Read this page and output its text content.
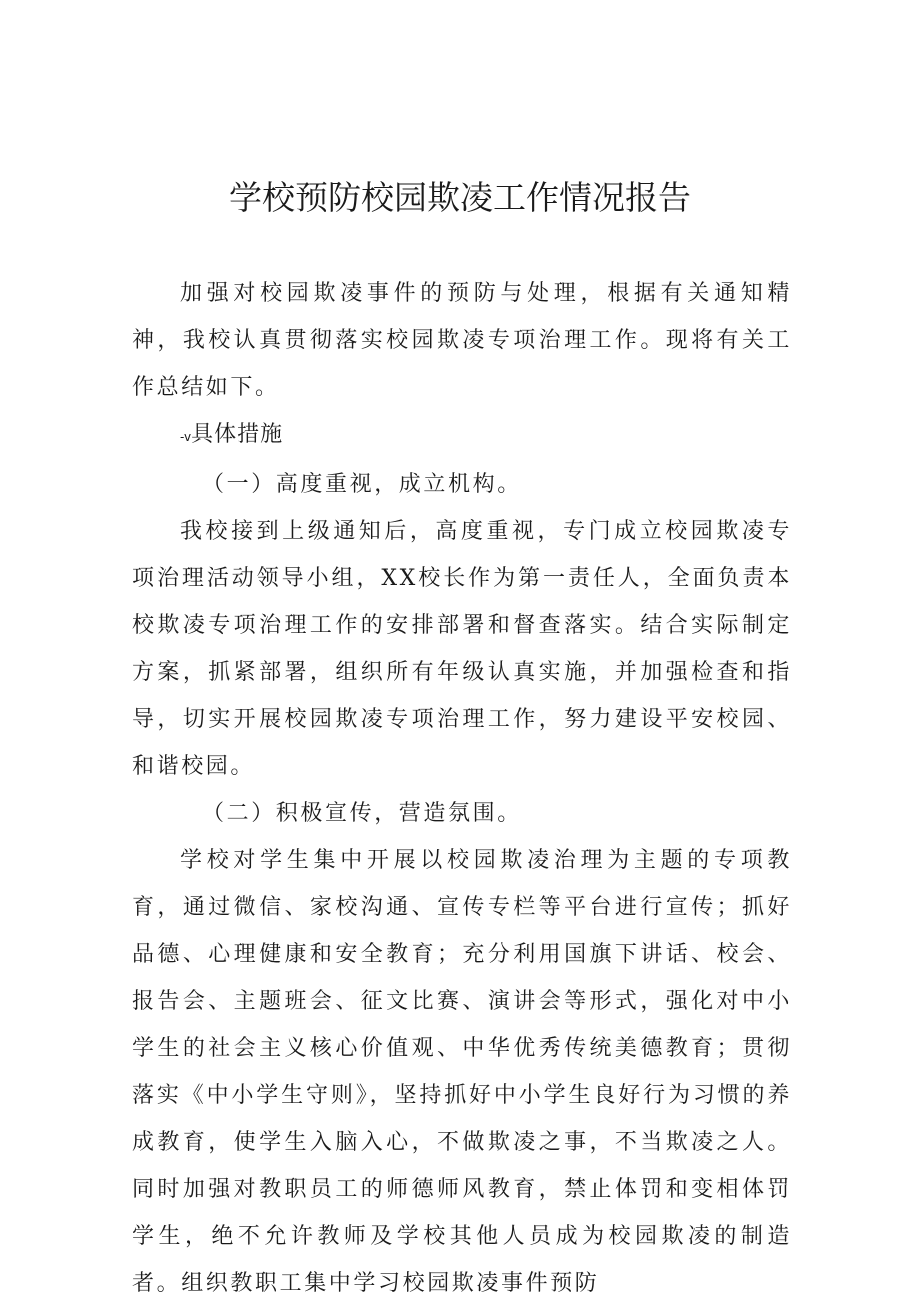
学校预防校园欺凌工作情况报告

加强对校园欺凌事件的预防与处理，根据有关通知精神，我校认真贯彻落实校园欺凌专项治理工作。现将有关工作总结如下。

-v具体措施

（一）高度重视，成立机构。

我校接到上级通知后，高度重视，专门成立校园欺凌专项治理活动领导小组，XX校长作为第一责任人，全面负责本校欺凌专项治理工作的安排部署和督查落实。结合实际制定方案，抓紧部署，组织所有年级认真实施，并加强检查和指导，切实开展校园欺凌专项治理工作，努力建设平安校园、和谐校园。

（二）积极宣传，营造氛围。

学校对学生集中开展以校园欺凌治理为主题的专项教育，通过微信、家校沟通、宣传专栏等平台进行宣传；抓好品德、心理健康和安全教育；充分利用国旗下讲话、校会、报告会、主题班会、征文比赛、演讲会等形式，强化对中小学生的社会主义核心价值观、中华优秀传统美德教育；贯彻落实《中小学生守则》，坚持抓好中小学生良好行为习惯的养成教育，使学生入脑入心，不做欺凌之事，不当欺凌之人。同时加强对教职员工的师德师风教育，禁止体罚和变相体罚学生，绝不允许教师及学校其他人员成为校园欺凌的制造者。组织教职工集中学习校园欺凌事件预防
